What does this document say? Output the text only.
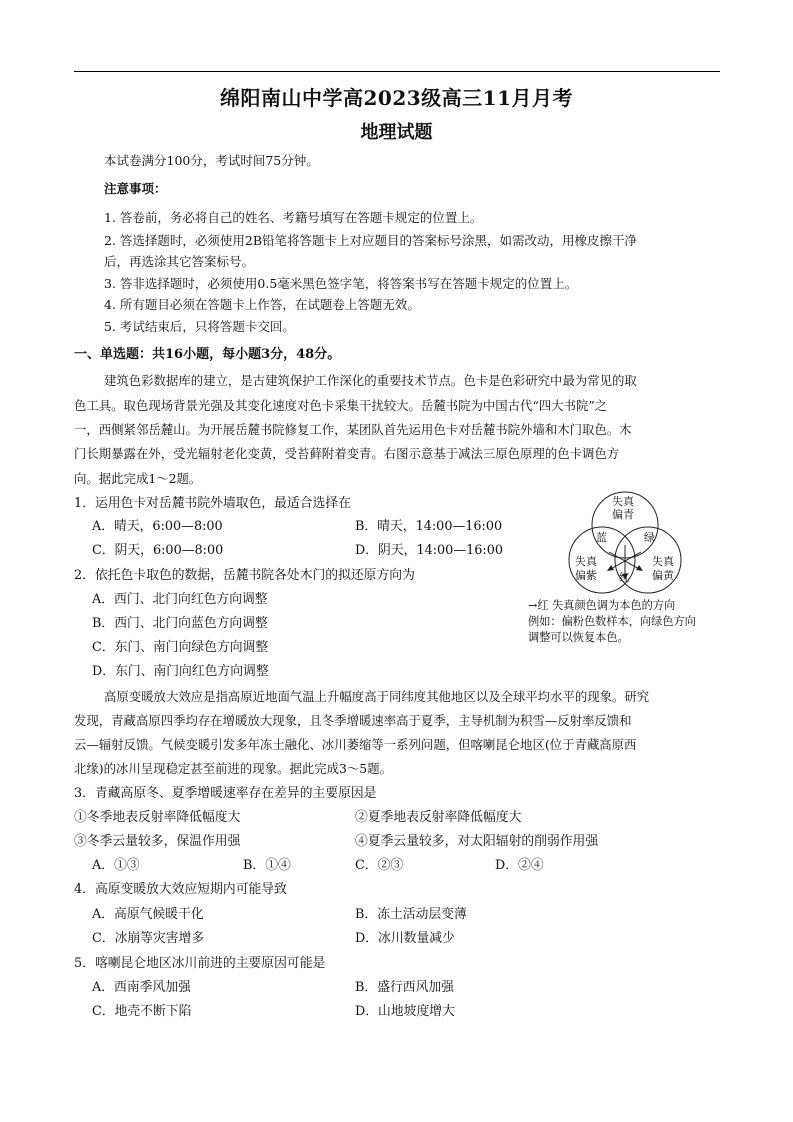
绵阳南山中学高2023级高三11月月考
地理试题
本试卷满分100分，考试时间75分钟。
注意事项：
1. 答卷前，务必将自己的姓名、考籍号填写在答题卡规定的位置上。
2. 答选择题时，必须使用2B铅笔将答题卡上对应题目的答案标号涂黑，如需改动，用橡皮擦干净
后，再选涂其它答案标号。
3. 答非选择题时，必须使用0.5毫米黑色签字笔，将答案书写在答题卡规定的位置上。
4. 所有题目必须在答题卡上作答，在试题卷上答题无效。
5. 考试结束后，只将答题卡交回。
一、单选题：共16小题，每小题3分，48分。
建筑色彩数据库的建立，是古建筑保护工作深化的重要技术节点。色卡是色彩研究中最为常见的取
色工具。取色现场背景光强及其变化速度对色卡采集干扰较大。岳麓书院为中国古代“四大书院”之
一，西侧紧邻岳麓山。为开展岳麓书院修复工作，某团队首先运用色卡对岳麓书院外墙和木门取色。木
门长期暴露在外，受光辐射老化变黄，受苔藓附着变青。右图示意基于减法三原色原理的色卡调色方
向。据此完成1～2题。
1．运用色卡对岳麓书院外墙取色，最适合选择在
A．晴天，6:00—8:00	B．晴天，14:00—16:00
C．阴天，6:00—8:00	D．阴天，14:00—16:00
2．依托色卡取色的数据，岳麓书院各处木门的拟还原方向为
A．西门、北门向红色方向调整
B．西门、北门向蓝色方向调整
C．东门、南门向绿色方向调整
D．东门、南门向红色方向调整
失真
偏青
失真
偏紫
失真
偏黄
蓝	绿
红
→红 失真颜色调为本色的方向
例如：偏粉色数样本，向绿色方向
调整可以恢复本色。
高原变暖放大效应是指高原近地面气温上升幅度高于同纬度其他地区以及全球平均水平的现象。研究
发现，青藏高原四季均存在增暖放大现象，且冬季增暖速率高于夏季，主导机制为积雪—反射率反馈和
云—辐射反馈。气候变暖引发多年冻土融化、冰川萎缩等一系列问题，但喀喇昆仑地区(位于青藏高原西
北缘)的冰川呈现稳定甚至前进的现象。据此完成3～5题。
3．青藏高原冬、夏季增暖速率存在差异的主要原因是
①冬季地表反射率降低幅度大	②夏季地表反射率降低幅度大
③冬季云量较多，保温作用强	④夏季云量较多，对太阳辐射的削弱作用强
A．①③	B．①④	C．②③	D．②④
4．高原变暖放大效应短期内可能导致
A．高原气候暖干化	B．冻土活动层变薄
C．冰崩等灾害增多	D．冰川数量减少
5．喀喇昆仑地区冰川前进的主要原因可能是
A．西南季风加强	B．盛行西风加强
C．地壳不断下陷	D．山地坡度增大
